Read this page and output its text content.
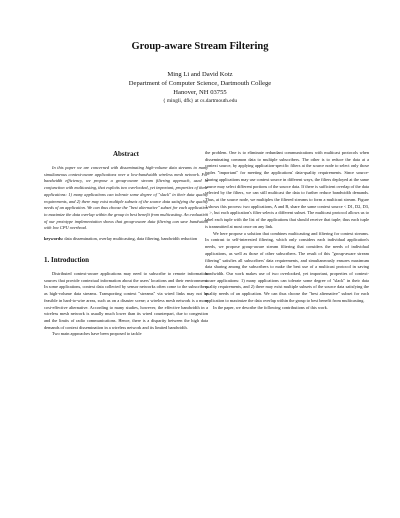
Group-aware Stream Filtering
Ming Li and David Kotz
Department of Computer Science, Dartmouth College
Hanover, NH 03755
{ mingli, dfk} at cs.dartmouth.edu
Abstract

In this paper we are concerned with disseminating high-volume data streams to many simultaneous context-aware applications over a low-bandwidth wireless mesh network. For bandwidth efficiency, we propose a group-aware stream filtering approach, used in conjunction with multicasting, that exploits two overlooked, yet important, properties of these applications: 1) many applications can tolerate some degree of "slack" in their data quality requirements, and 2) there may exist multiple subsets of the source data satisfying the quality needs of an application. We can thus choose the "best alternative" subset for each application to maximize the data overlap within the group to best benefit from multicasting. An evaluation of our prototype implementation shows that group-aware data filtering can save bandwidth with low CPU overhead.

keywords: data dissemination, overlay multicasting, data filtering, bandwidth reduction

1. Introduction

Distributed context-aware applications may need to subscribe to remote information sources that provide contextual information about the users' locations and their environment. In some applications, context data collected by sensor networks often come to the subscribers as high-volume data streams. Transporting context "streams" via wired links may not be feasible in hard-to-wire areas, such as on a disaster scene; a wireless mesh network is a more cost-effective alternative. According to many studies, however, the effective bandwidth in a wireless mesh network is usually much lower than its wired counterpart, due to congestion and the limits of radio communications. Hence, there is a disparity between the high data demands of context dissemination in a wireless network and its limited bandwidth.

Two main approaches have been proposed to tackle

the problem. One is to eliminate redundant communications with multicast protocols when disseminating common data to multiple subscribers. The other is to reduce the data at a context source, by applying application-specific filters at the source node to select only those tuples "important" for meeting the applications' data-quality requirements. Since source-sharing applications may use context source in different ways, the filters deployed at the same source may select different portions of the source data. If there is sufficient overlap of the data selected by the filters, we can still multicast the data to further reduce bandwidth demands. Thus, at the source node, we multiplex the filtered streams to form a multicast stream. Figure 1 shows this process: two applications, A and B, share the same context source < D1, D2, D3, ... >, but each application's filter selects a different subset. The multicast protocol allows us to label each tuple with the list of the applications that should receive that tuple; thus each tuple is transmitted at most once on any link.

We here propose a solution that combines multicasting and filtering for context streams. In contrast to self-interested filtering, which only considers each individual application's needs, we propose group-aware stream filtering that considers the needs of individual applications, as well as those of other subscribers. The result of this "group-aware stream filtering" satisfies all subscribers' data requirements, and simultaneously ensures maximum data sharing among the subscribers to make the best use of a multicast protocol in saving bandwidth. Our work makes use of two overlooked, yet important, properties of context-aware applications: 1) many applications can tolerate some degree of "slack" in their data quality requirements, and 2) there may exist multiple subsets of the source data satisfying the quality needs of an application. We can thus choose the "best alternative" subset for each application to maximize the data overlap within the group to best benefit from multicasting.

In the paper, we describe the following contributions of this work.
